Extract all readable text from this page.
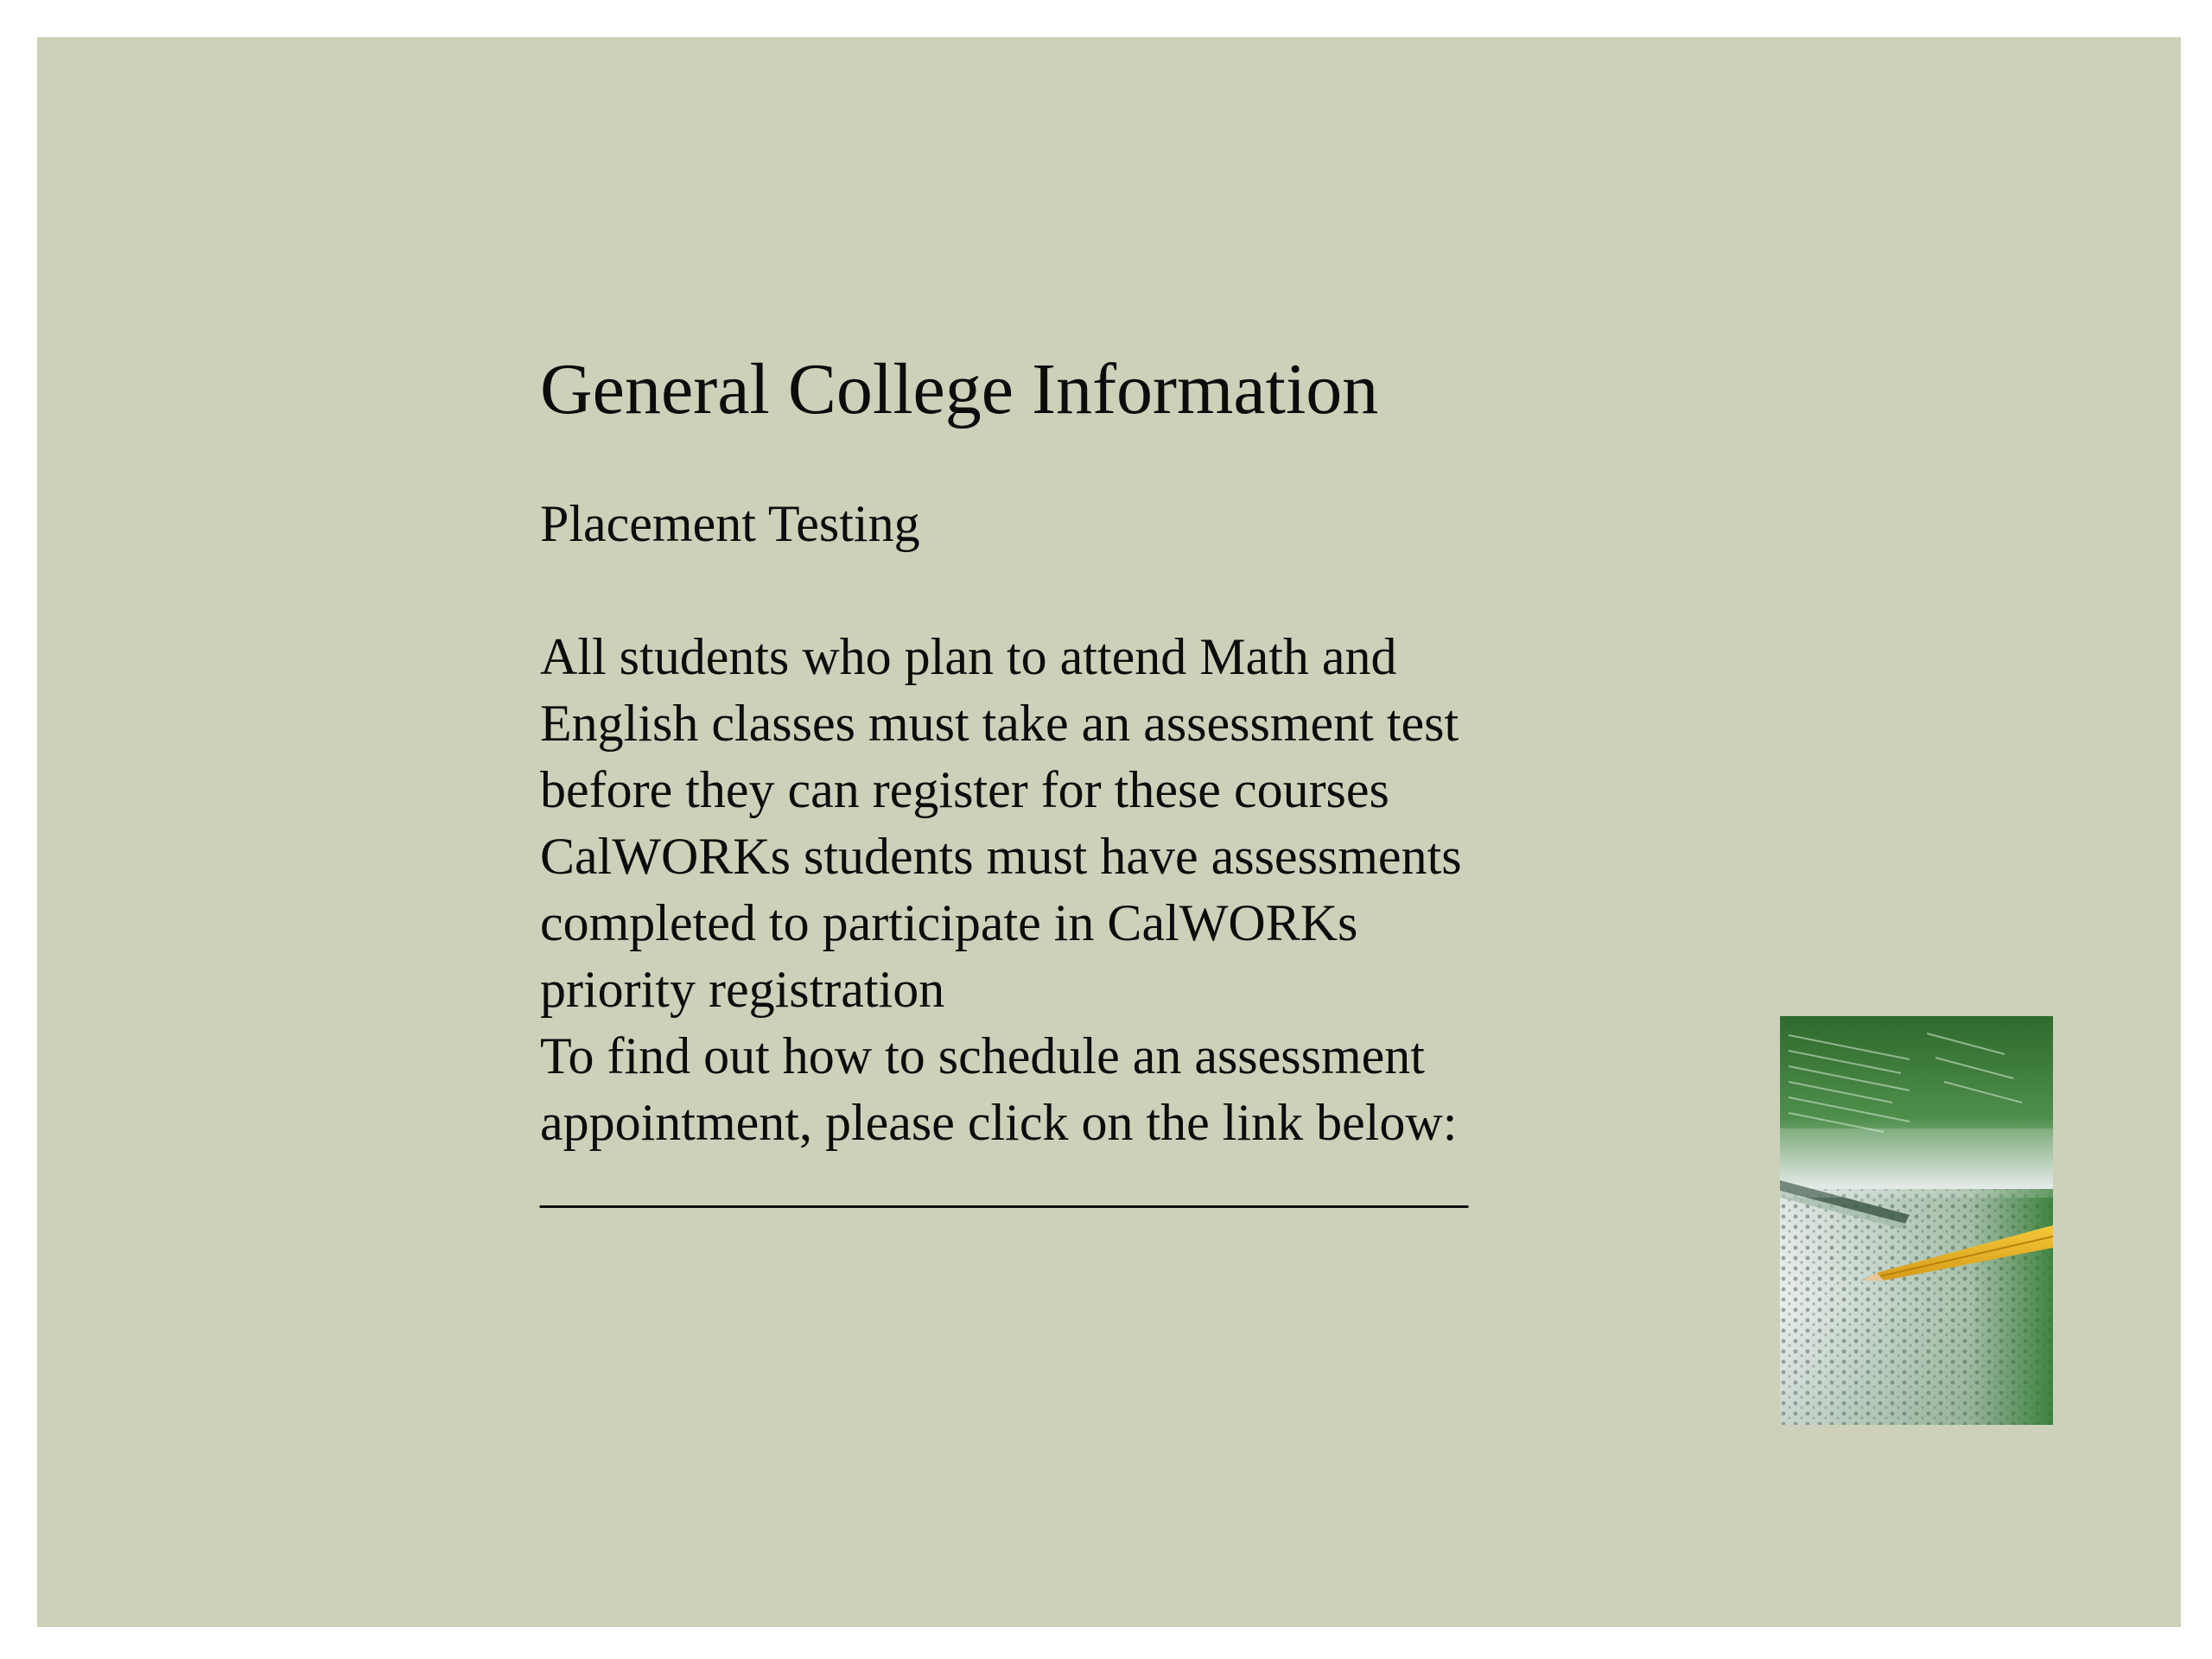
General College Information
Placement Testing
All students who plan to attend Math and
English classes must take an assessment test
before they can register for these courses
CalWORKs students must have assessments
completed to participate in CalWORKs
priority registration
To find out how to schedule an assessment
appointment, please click on the link below:
_____________________________________
